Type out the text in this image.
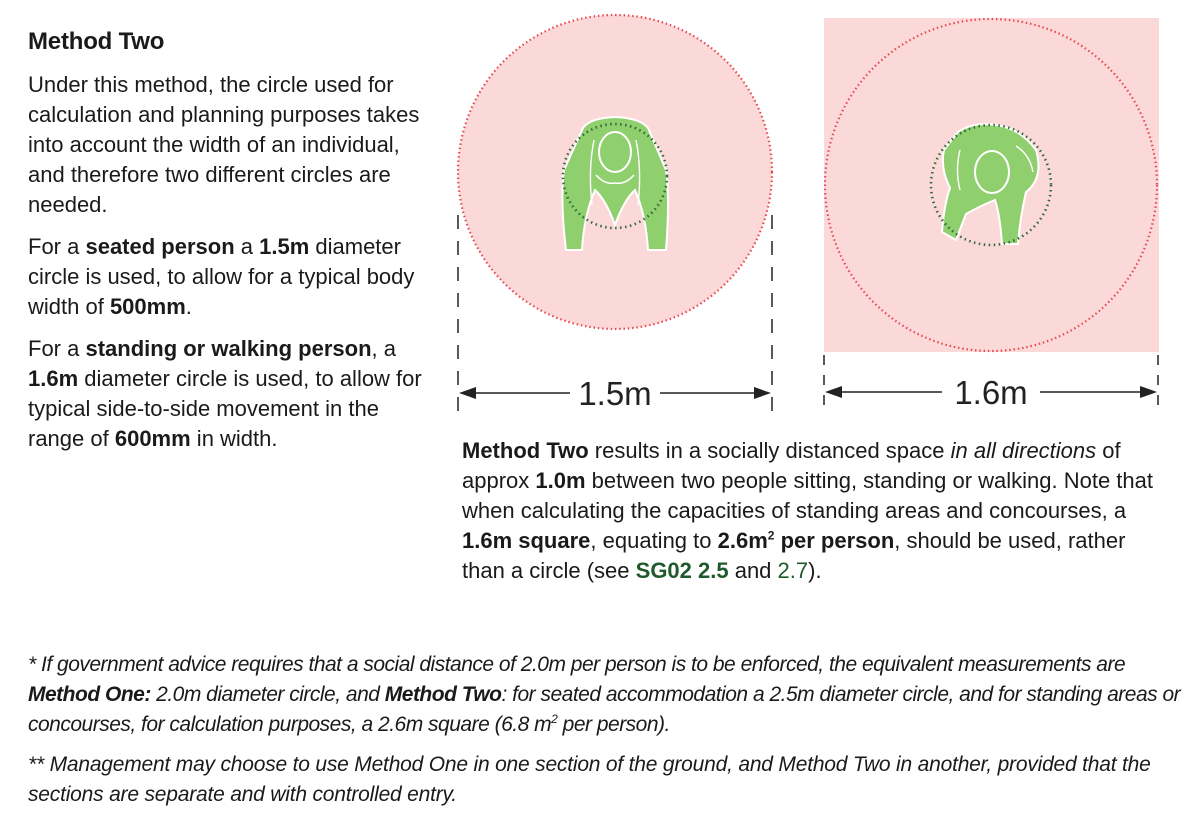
Method Two

Under this method, the circle used for calculation and planning purposes takes into account the width of an individual, and therefore two different circles are needed.

For a seated person a 1.5m diameter circle is used, to allow for a typical body width of 500mm.

For a standing or walking person, a 1.6m diameter circle is used, to allow for typical side-to-side movement in the range of 600mm in width.

1.5m	1.6m
Method Two results in a socially distanced space in all directions of approx 1.0m between two people sitting, standing or walking. Note that when calculating the capacities of standing areas and concourses, a 1.6m square, equating to $2.6m^2$ per person, should be used, rather than a circle (see SG02 2.5 and 2.7).

* If government advice requires that a social distance of 2.0m per person is to be enforced, the equivalent measurements are Method One: 2.0m diameter circle, and Method Two: for seated accommodation a 2.5m diameter circle, and for standing areas or concourses, for calculation purposes, a 2.6m square (6.8 $m^2$ per person).

** Management may choose to use Method One in one section of the ground, and Method Two in another, provided that the sections are separate and with controlled entry.
